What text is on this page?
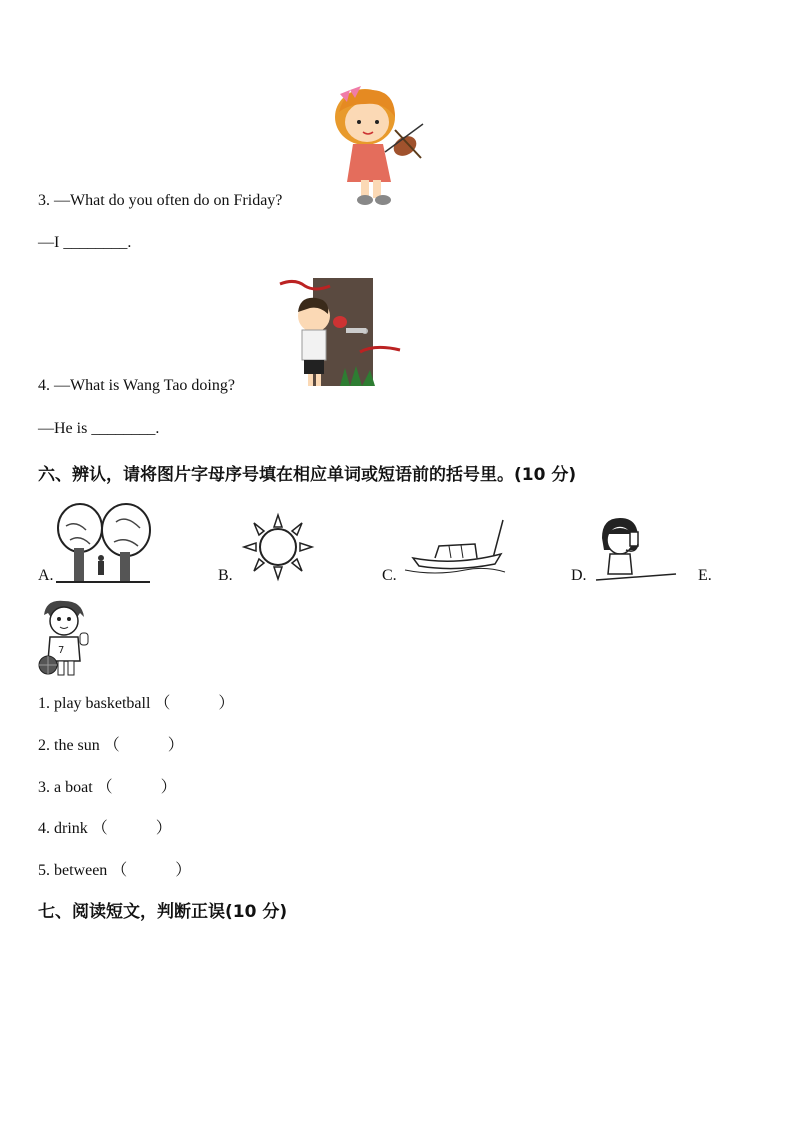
3. —What do you often do on Friday?
—I ________.
4. —What is Wang Tao doing?
—He is ________.
六、辨认，请将图片字母序号填在相应单词或短语前的括号里。(10 分)
A.	B.	C.	D.	E.
7
1. play basketball （　　　）
2. the sun （　　　）
3. a boat （　　　）
4. drink （　　　）
5. between （　　　）
七、阅读短文，判断正误(10 分)
